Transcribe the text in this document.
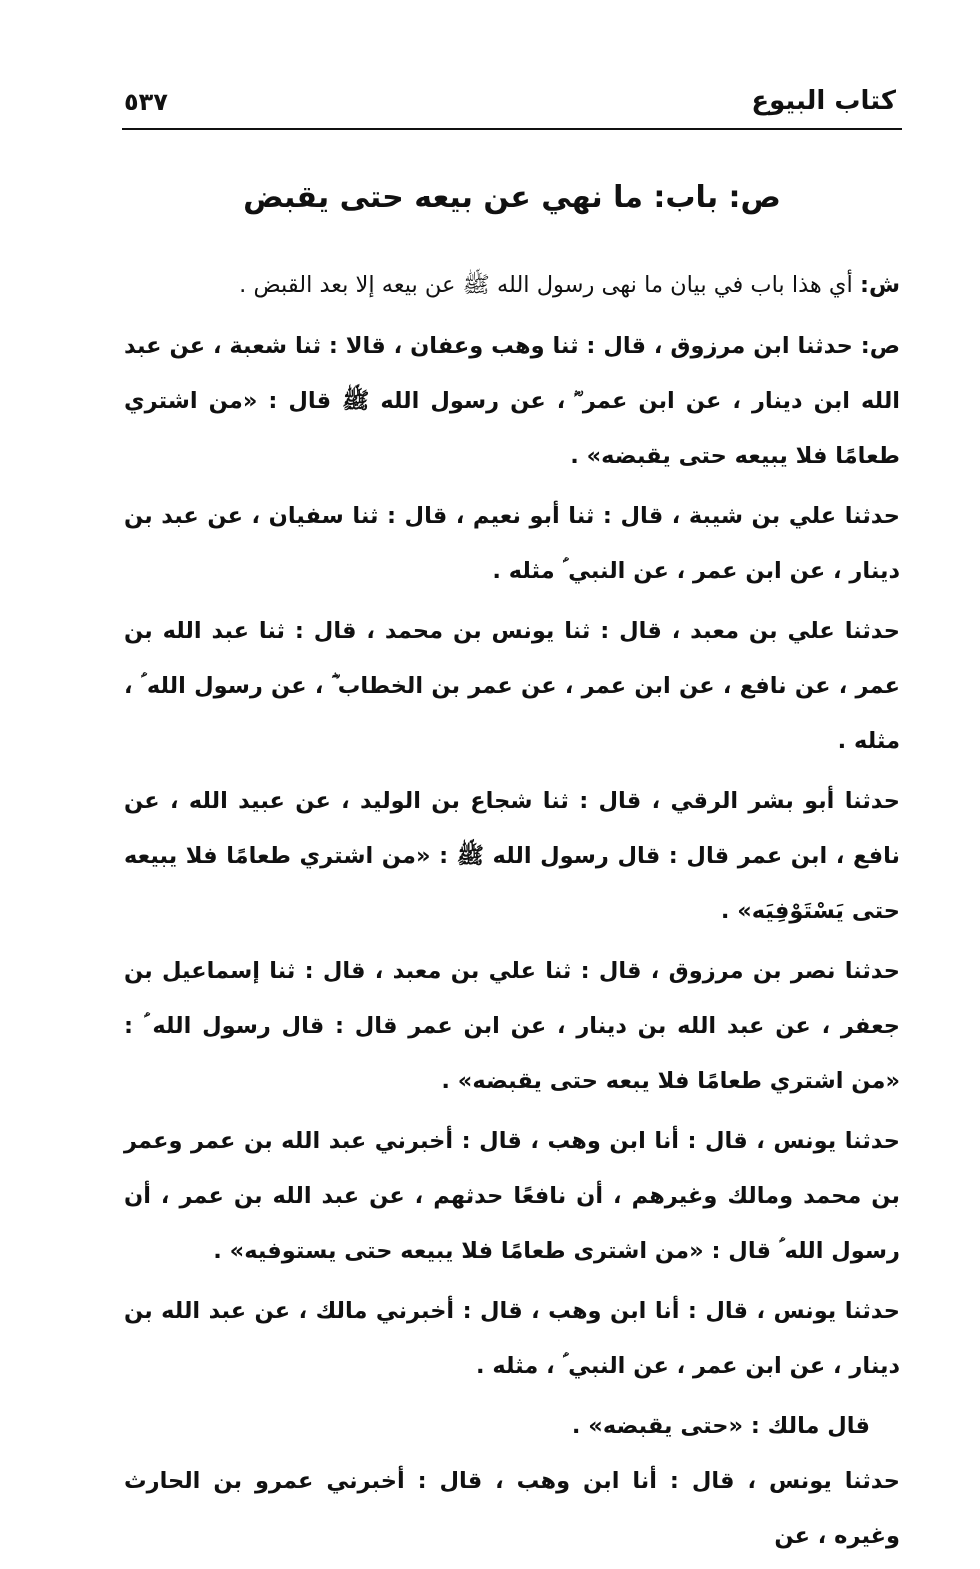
كتاب البيوع
٥٣٧
ص: باب: ما نهي عن بيعه حتى يقبض

ش: أي هذا باب في بيان ما نهى رسول الله ﷺ عن بيعه إلا بعد القبض .

ص: حدثنا ابن مرزوق ، قال : ثنا وهب وعفان ، قالا : ثنا شعبة ، عن عبد الله ابن دينار ، عن ابن عمر ؓ ، عن رسول الله ﷺ قال : «من اشتري طعامًا فلا يبيعه حتى يقبضه» .

حدثنا علي بن شيبة ، قال : ثنا أبو نعيم ، قال : ثنا سفيان ، عن عبد بن دينار ، عن ابن عمر ، عن النبي ؑ مثله .

حدثنا علي بن معبد ، قال : ثنا يونس بن محمد ، قال : ثنا عبد الله بن عمر ، عن نافع ، عن ابن عمر ، عن عمر بن الخطاب ؓ ، عن رسول الله ؑ ، مثله .

حدثنا أبو بشر الرقي ، قال : ثنا شجاع بن الوليد ، عن عبيد الله ، عن نافع ، ابن عمر قال : قال رسول الله ﷺ : «من اشتري طعامًا فلا يبيعه حتى يَسْتَوْفِيَه» .

حدثنا نصر بن مرزوق ، قال : ثنا علي بن معبد ، قال : ثنا إسماعيل بن جعفر ، عن عبد الله بن دينار ، عن ابن عمر قال : قال رسول الله ؑ : «من اشتري طعامًا فلا يبعه حتى يقبضه» .

حدثنا يونس ، قال : أنا ابن وهب ، قال : أخبرني عبد الله بن عمر وعمر بن محمد ومالك وغيرهم ، أن نافعًا حدثهم ، عن عبد الله بن عمر ، أن رسول الله ؑ قال : «من اشترى طعامًا فلا يبيعه حتى يستوفيه» .

حدثنا يونس ، قال : أنا ابن وهب ، قال : أخبرني مالك ، عن عبد الله بن دينار ، عن ابن عمر ، عن النبي ؑ ، مثله .

قال مالك : «حتى يقبضه» .

حدثنا يونس ، قال : أنا ابن وهب ، قال : أخبرني عمرو بن الحارث وغيره ، عن
